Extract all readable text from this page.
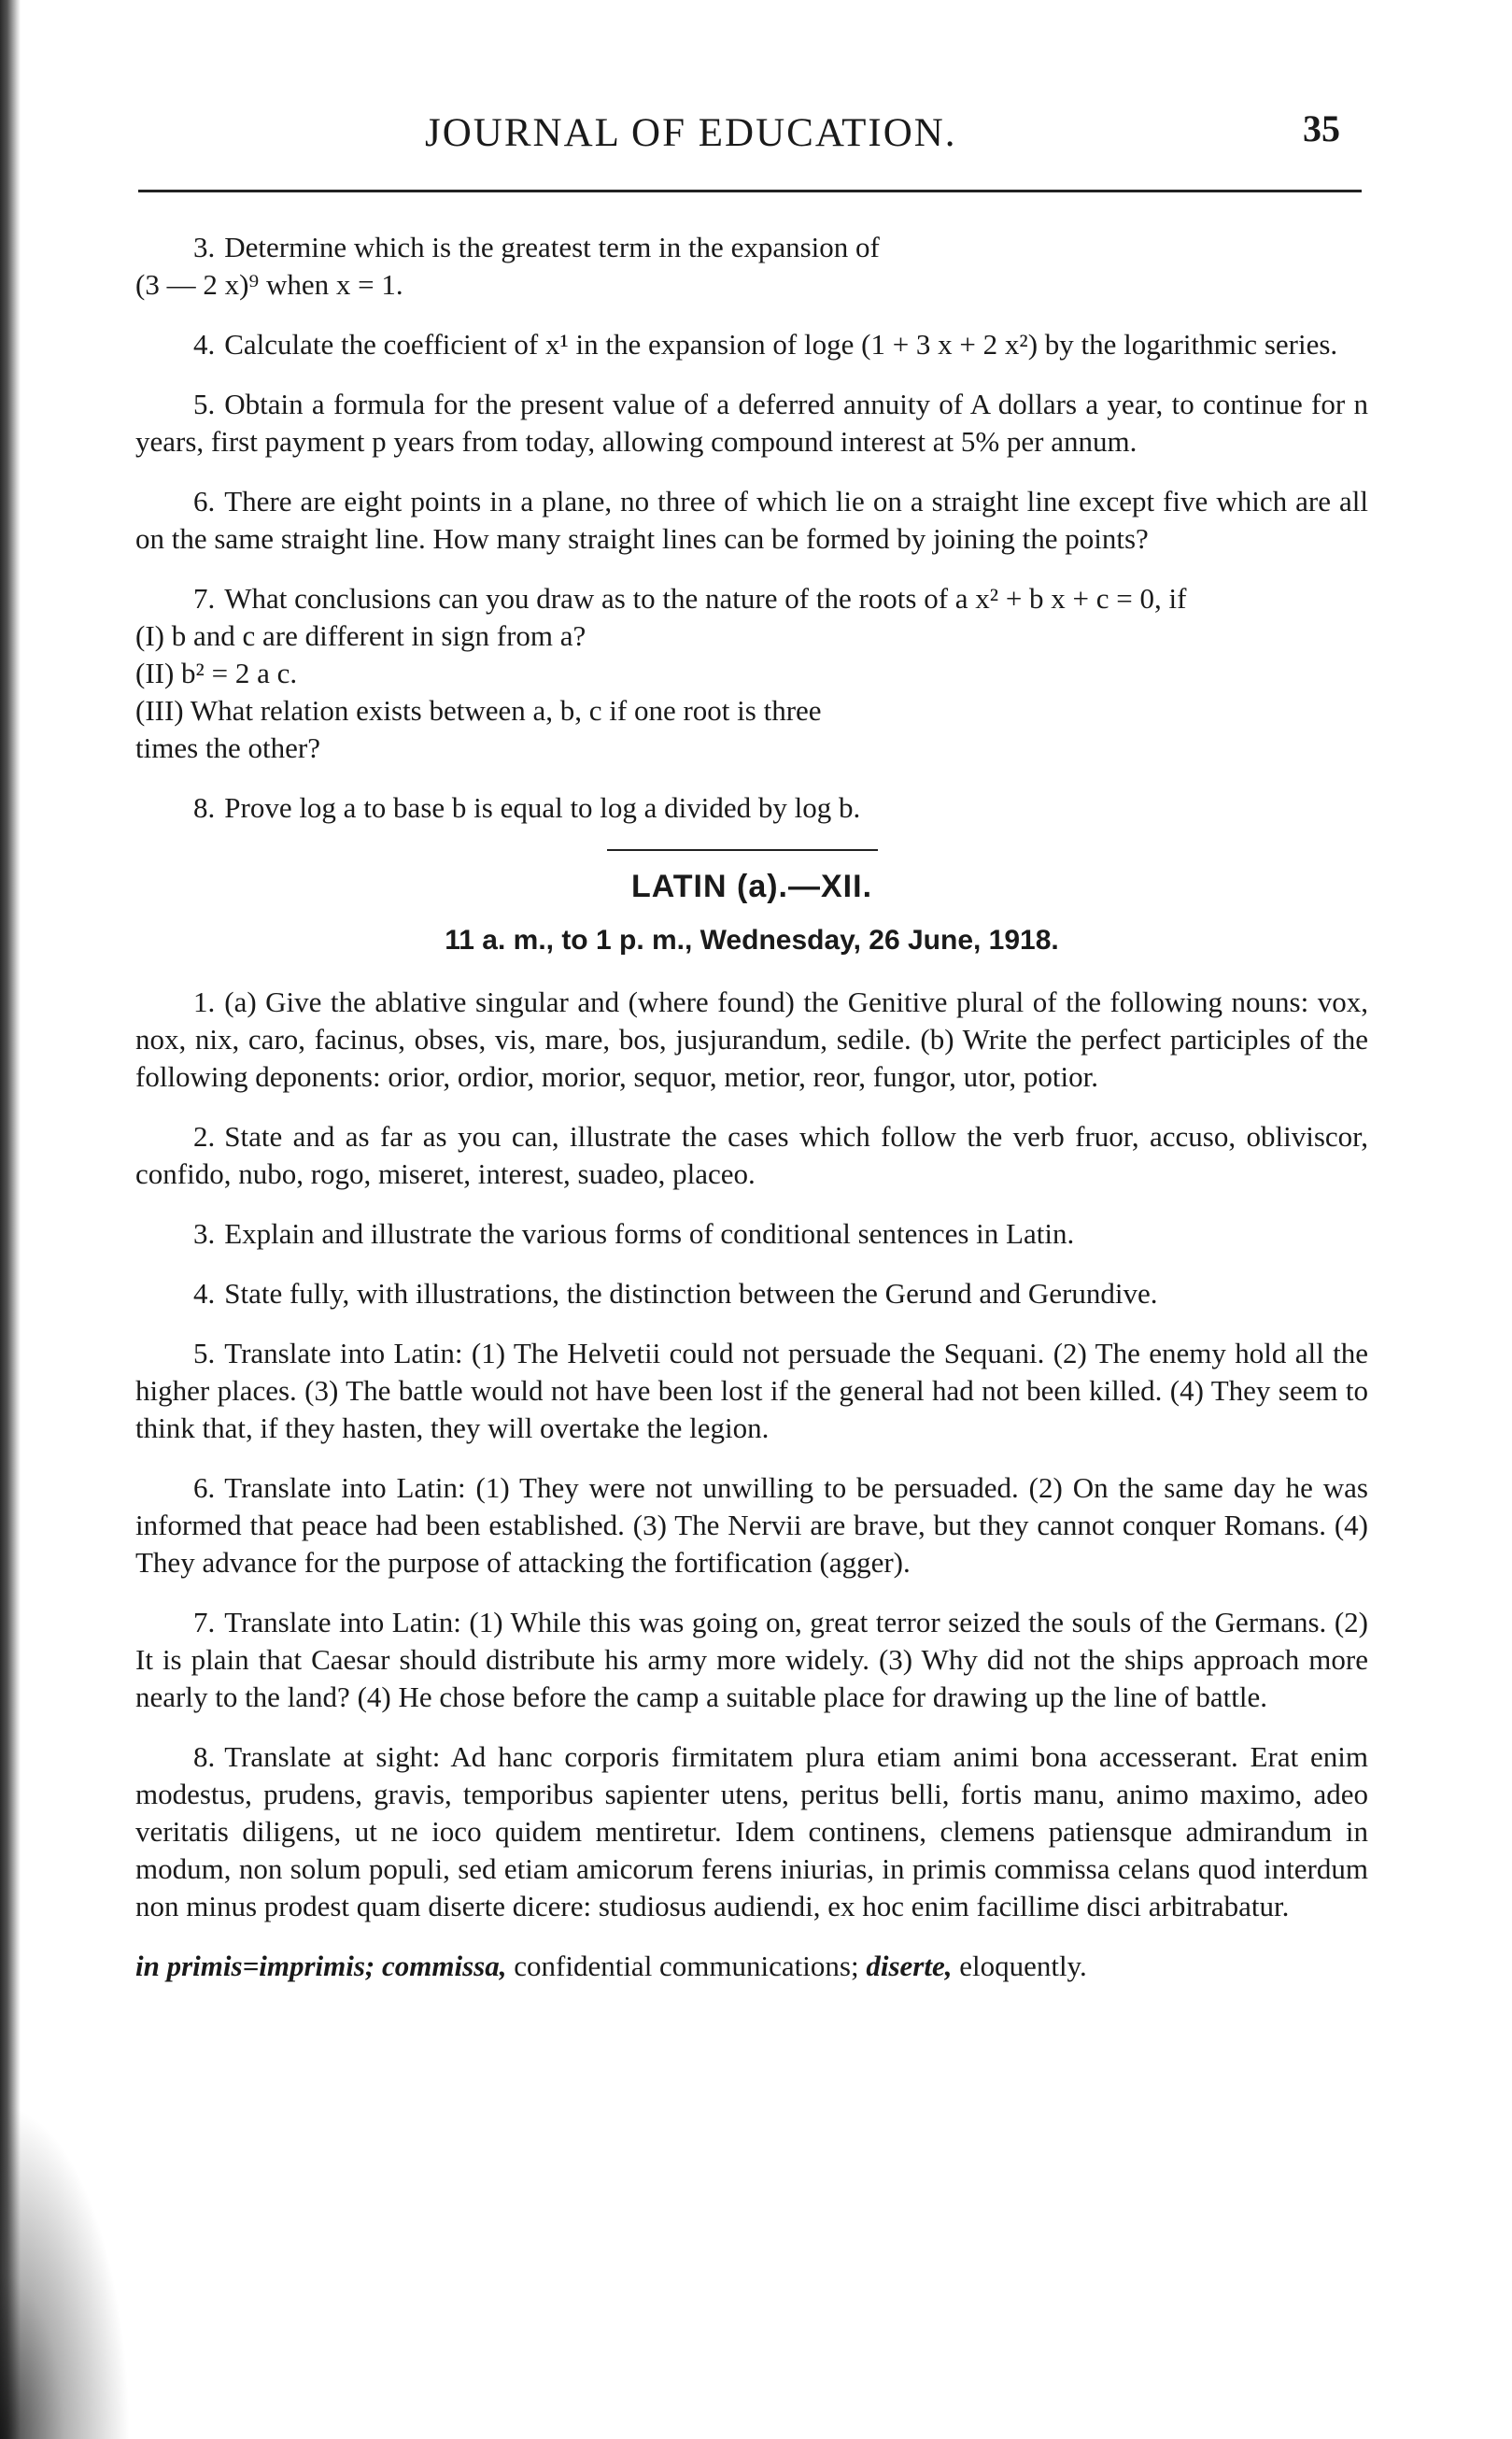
JOURNAL OF EDUCATION.	35

3. Determine which is the greatest term in the expansion of

(3 — 2 x)⁹ when x = 1.

4. Calculate the coefficient of x¹ in the expansion of loge (1 + 3 x + 2 x²) by the logarithmic series.

5. Obtain a formula for the present value of a deferred annuity of A dollars a year, to continue for n years, first payment p years from today, allowing compound interest at 5% per annum.

6. There are eight points in a plane, no three of which lie on a straight line except five which are all on the same straight line. How many straight lines can be formed by joining the points?

7. What conclusions can you draw as to the nature of the roots of a x² + b x + c = 0, if

(I) b and c are different in sign from a?

(II) b² = 2 a c.

(III) What relation exists between a, b, c if one root is three

times the other?

8. Prove log a to base b is equal to log a divided by log b.

LATIN (a).—XII.
11 a. m., to 1 p. m., Wednesday, 26 June, 1918.

1. (a) Give the ablative singular and (where found) the Genitive plural of the following nouns: vox, nox, nix, caro, facinus, obses, vis, mare, bos, jusjurandum, sedile. (b) Write the perfect participles of the following deponents: orior, ordior, morior, sequor, metior, reor, fungor, utor, potior.

2. State and as far as you can, illustrate the cases which follow the verb fruor, accuso, obliviscor, confido, nubo, rogo, miseret, interest, suadeo, placeo.

3. Explain and illustrate the various forms of conditional sentences in Latin.

4. State fully, with illustrations, the distinction between the Gerund and Gerundive.

5. Translate into Latin: (1) The Helvetii could not persuade the Sequani. (2) The enemy hold all the higher places. (3) The battle would not have been lost if the general had not been killed. (4) They seem to think that, if they hasten, they will overtake the legion.

6. Translate into Latin: (1) They were not unwilling to be persuaded. (2) On the same day he was informed that peace had been established. (3) The Nervii are brave, but they cannot conquer Romans. (4) They advance for the purpose of attacking the fortification (agger).

7. Translate into Latin: (1) While this was going on, great terror seized the souls of the Germans. (2) It is plain that Caesar should distribute his army more widely. (3) Why did not the ships approach more nearly to the land? (4) He chose before the camp a suitable place for drawing up the line of battle.

8. Translate at sight: Ad hanc corporis firmitatem plura etiam animi bona accesserant. Erat enim modestus, prudens, gravis, temporibus sapienter utens, peritus belli, fortis manu, animo maximo, adeo veritatis diligens, ut ne ioco quidem mentiretur. Idem continens, clemens patiensque admirandum in modum, non solum populi, sed etiam amicorum ferens iniurias, in primis commissa celans quod interdum non minus prodest quam diserte dicere: studiosus audiendi, ex hoc enim facillime disci arbitrabatur.

in primis=imprimis; commissa, confidential communications; diserte, eloquently.
